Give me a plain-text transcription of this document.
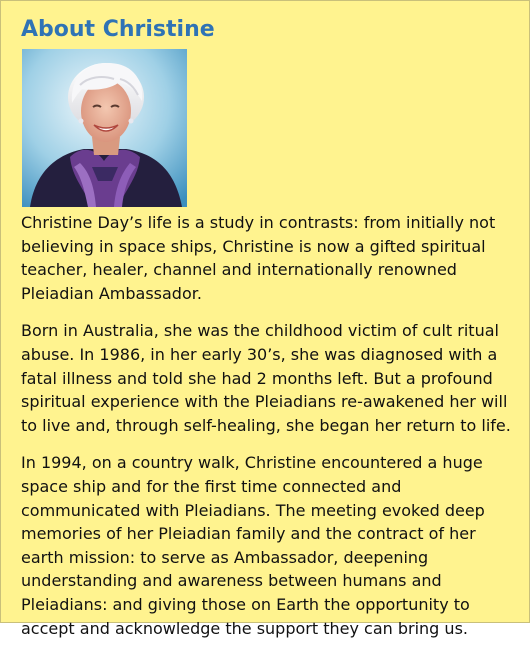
About Christine

Christine Day’s life is a study in contrasts: from initially not believing in space ships, Christine is now a gifted spiritual teacher, healer, channel and internationally renowned Pleiadian Ambassador.

Born in Australia, she was the childhood victim of cult ritual abuse. In 1986, in her early 30’s, she was diagnosed with a fatal illness and told she had 2 months left. But a profound spiritual experience with the Pleiadians re-awakened her will to live and, through self-healing, she began her return to life.

In 1994, on a country walk, Christine encountered a huge space ship and for the first time connected and communicated with Pleiadians. The meeting evoked deep memories of her Pleiadian family and the contract of her earth mission: to serve as Ambassador, deepening understanding and awareness between humans and Pleiadians: and giving those on Earth the opportunity to accept and acknowledge the support they can bring us.
